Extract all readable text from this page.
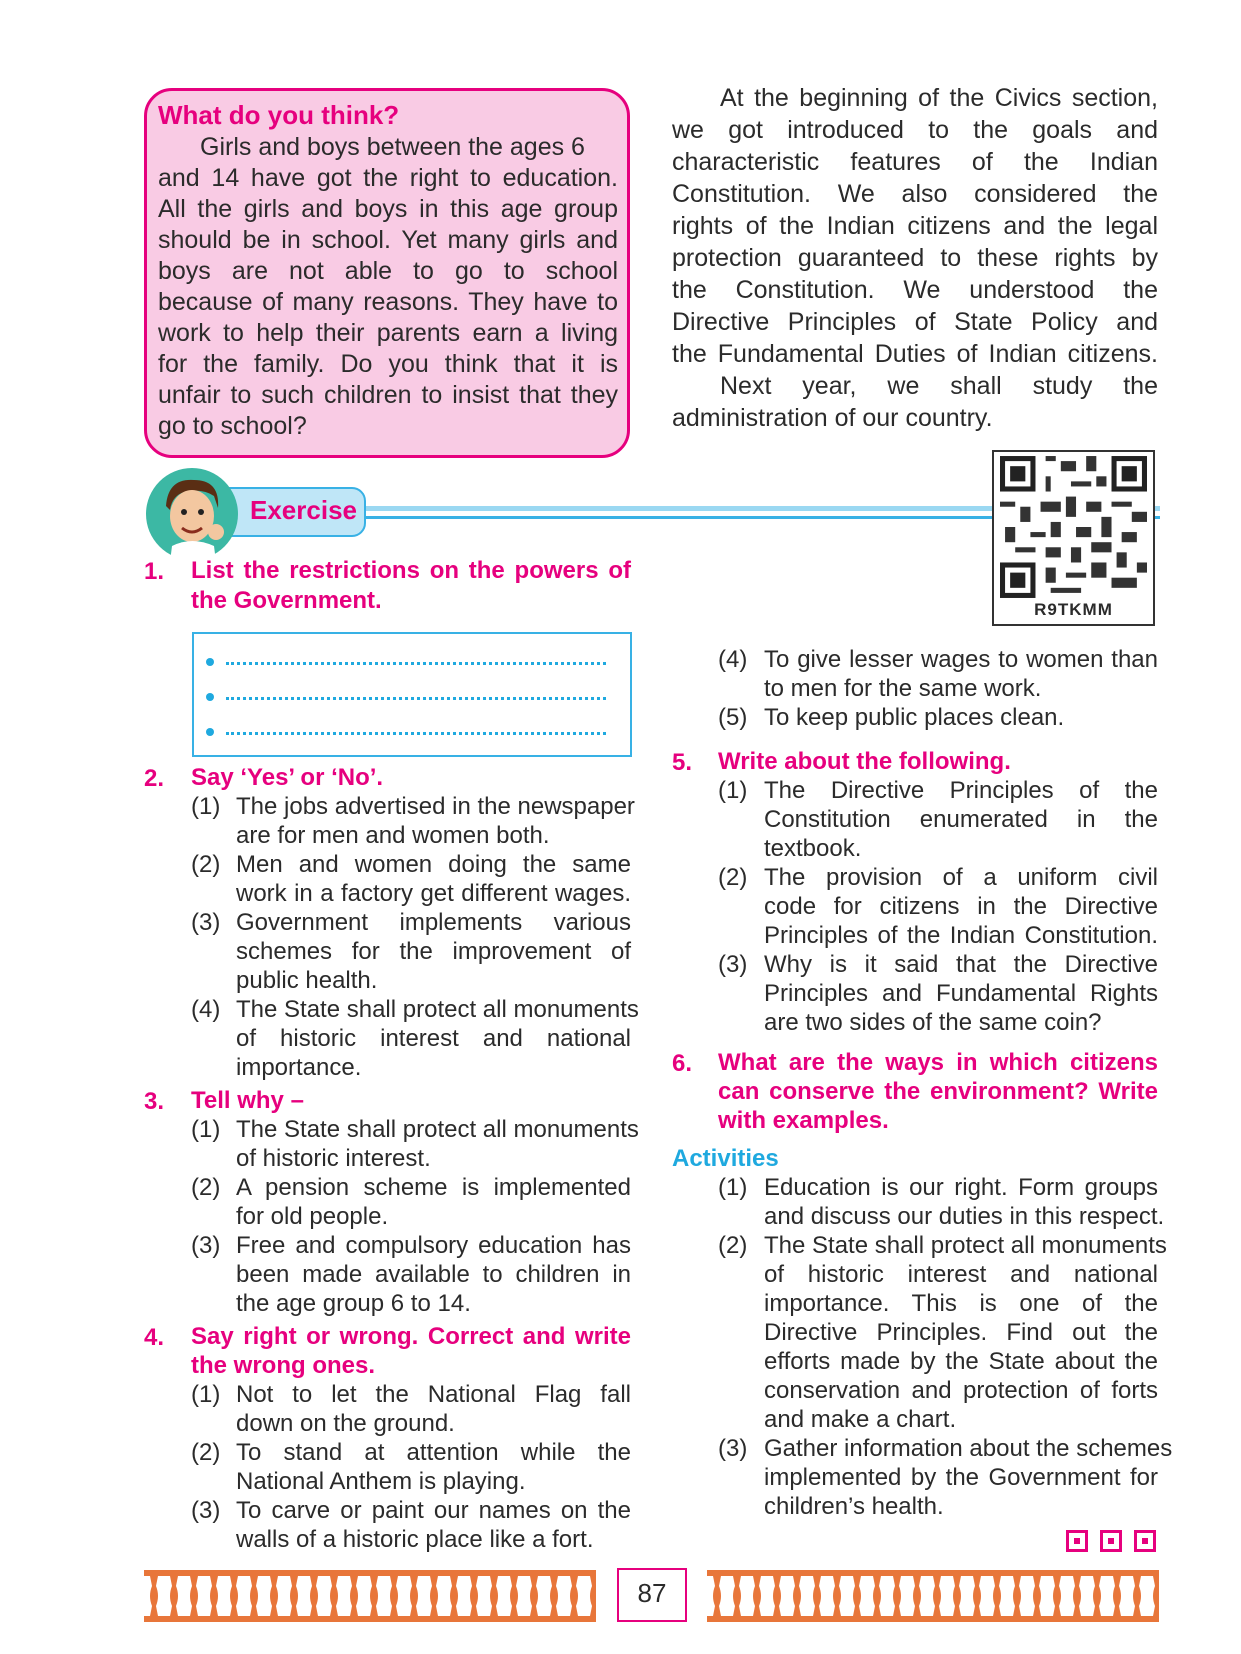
What do you think?
Girls and boys between the ages 6
and 14 have got the right to education.
All the girls and boys in this age group
should be in school. Yet many girls and
boys are not able to go to school
because of many reasons. They have to
work to help their parents earn a living
for the family. Do you think that it is
unfair to such children to insist that they
go to school?
At the beginning of the Civics section,
we got introduced to the goals and
characteristic features of the Indian
Constitution. We also considered the
rights of the Indian citizens and the legal
protection guaranteed to these rights by
the Constitution. We understood the
Directive Principles of State Policy and
the Fundamental Duties of Indian citizens.
Next year, we shall study the
administration of our country.
Exercise
R9TKMM
1. List the restrictions on the powers of
the Government.
2. Say ‘Yes’ or ‘No’.
(1) The jobs advertised in the newspaper
are for men and women both.
(2) Men and women doing the same
work in a factory get different wages.
(3) Government implements various
schemes for the improvement of
public health.
(4) The State shall protect all monuments
of historic interest and national
importance.
3. Tell why –
(1) The State shall protect all monuments
of historic interest.
(2) A pension scheme is implemented
for old people.
(3) Free and compulsory education has
been made available to children in
the age group 6 to 14.
4. Say right or wrong. Correct and write
the wrong ones.
(1) Not to let the National Flag fall
down on the ground.
(2) To stand at attention while the
National Anthem is playing.
(3) To carve or paint our names on the
walls of a historic place like a fort.
(4) To give lesser wages to women than
to men for the same work.
(5) To keep public places clean.
5. Write about the following.
(1) The Directive Principles of the
Constitution enumerated in the
textbook.
(2) The provision of a uniform civil
code for citizens in the Directive
Principles of the Indian Constitution.
(3) Why is it said that the Directive
Principles and Fundamental Rights
are two sides of the same coin?
6. What are the ways in which citizens
can conserve the environment? Write
with examples.
Activities
(1) Education is our right. Form groups
and discuss our duties in this respect.
(2) The State shall protect all monuments
of historic interest and national
importance. This is one of the
Directive Principles. Find out the
efforts made by the State about the
conservation and protection of forts
and make a chart.
(3) Gather information about the schemes
implemented by the Government for
children’s health.
87
